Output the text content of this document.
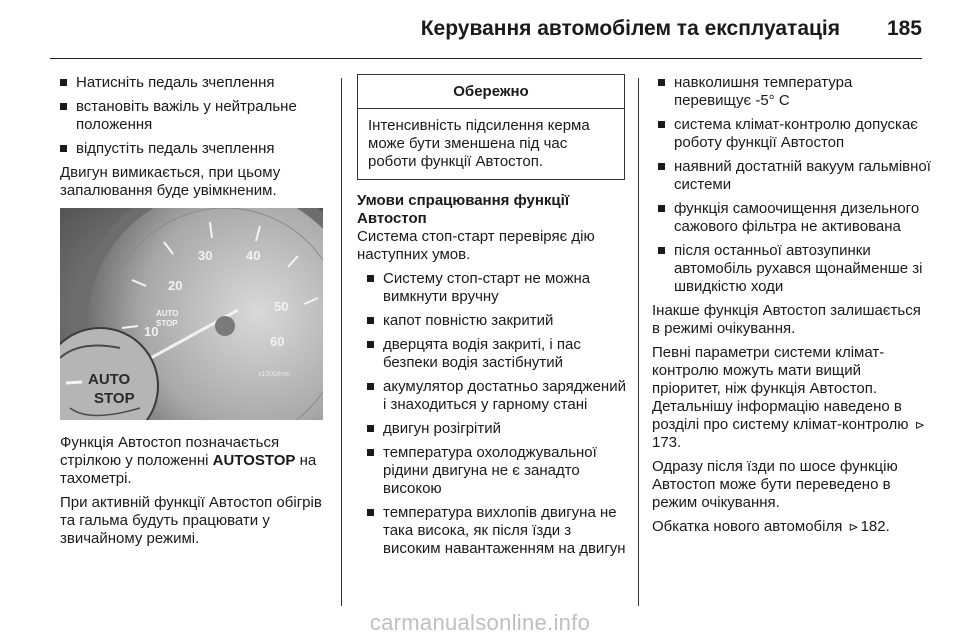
Керування автомобілем та експлуатація 185
Натисніть педаль зчеплення
встановіть важіль у нейтральне положення
відпустіть педаль зчеплення

Двигун вимикається, при цьому запалювання буде увімкненим.

10
20
30	40
50
60
x1000/min
AUTO
STOP
AUTO
STOP

Функція Автостоп позначається стрілкою у положенні AUTOSTOP на тахометрі.

При активній функції Автостоп обігрів та гальма будуть працювати у звичайному режимі.

Обережно
Інтенсивність підсилення керма може бути зменшена під час роботи функції Автостоп.

Умови спрацювання функції Автостоп

Система стоп-старт перевіряє дію наступних умов.

Систему стоп-старт не можна вимкнути вручну
капот повністю закритий
дверцята водія закриті, і пас безпеки водія застібнутий
акумулятор достатньо заряджений і знаходиться у гарному стані
двигун розігрітий
температура охолоджувальної рідини двигуна не є занадто високою
температура вихлопів двигуна не така висока, як після їзди з високим навантаженням на двигун
навколишня температура перевищує -5° C
система клімат-контролю допускає роботу функції Автостоп
наявний достатній вакуум гальмівної системи
функція самоочищення дизельного сажового фільтра не активована
після останньої автозупинки автомобіль рухався щонайменше зі швидкістю ходи

Інакше функція Автостоп залишається в режимі очікування.

Певні параметри системи клімат-контролю можуть мати вищий пріоритет, ніж функція Автостоп. Детальнішу інформацію наведено в розділі про систему клімат-контролю ⊳173.

Одразу після їзди по шосе функцію Автостоп може бути переведено в режим очікування.

Обкатка нового автомобіля ⊳ 182.

carmanualsonline.info
